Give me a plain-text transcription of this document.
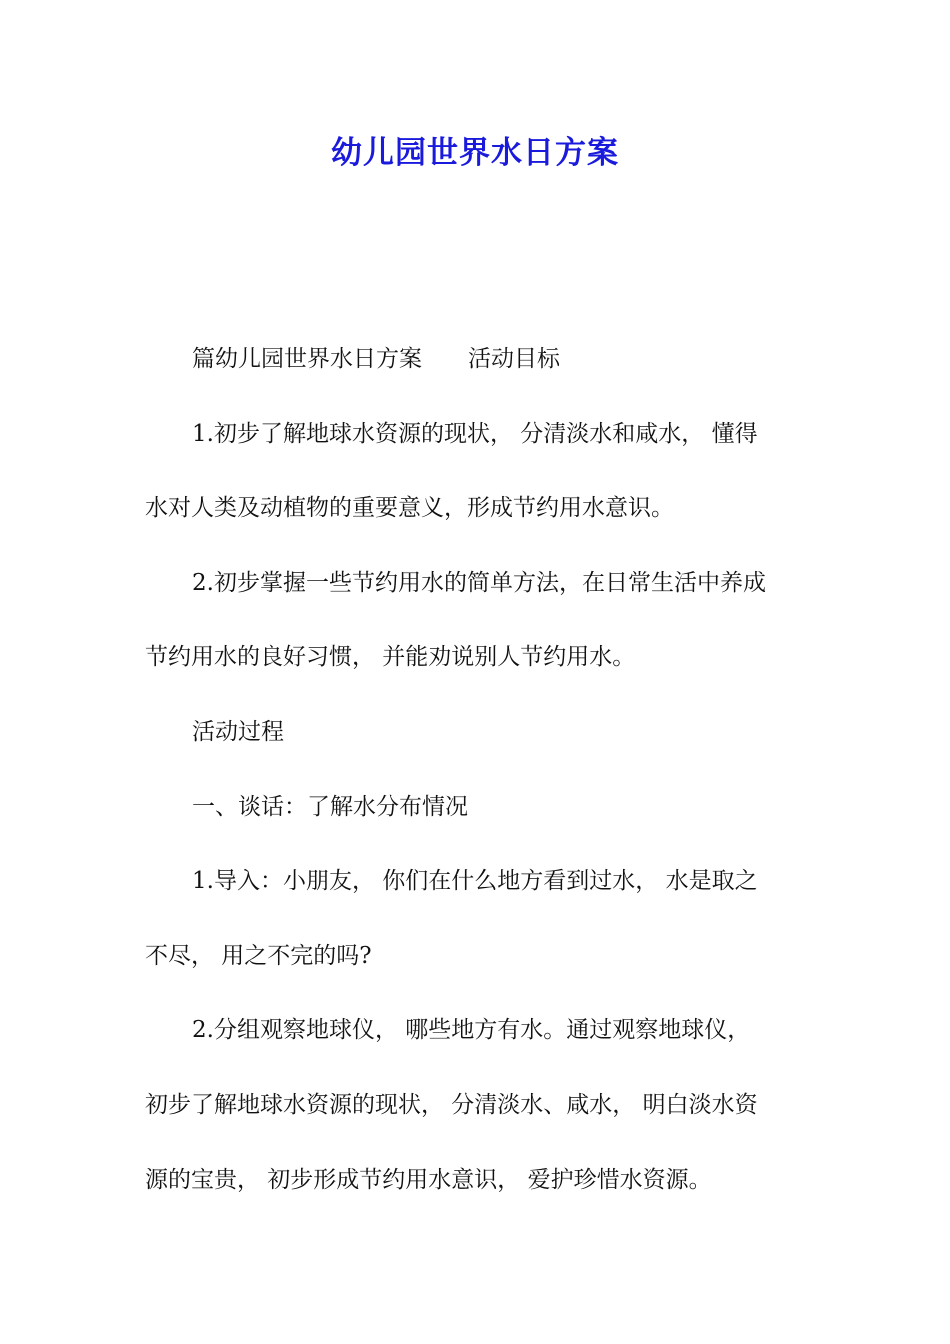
幼儿园世界水日方案
篇幼儿园世界水日方案 活动目标
1.初步了解地球水资源的现状， 分清淡水和咸水， 懂得
水对人类及动植物的重要意义，形成节约用水意识。
2.初步掌握一些节约用水的简单方法，在日常生活中养成
节约用水的良好习惯， 并能劝说别人节约用水。
活动过程
一、谈话：了解水分布情况
1.导入：小朋友， 你们在什么地方看到过水， 水是取之
不尽， 用之不完的吗?
2.分组观察地球仪， 哪些地方有水。通过观察地球仪，
初步了解地球水资源的现状， 分清淡水、咸水， 明白淡水资
源的宝贵， 初步形成节约用水意识， 爱护珍惜水资源。
